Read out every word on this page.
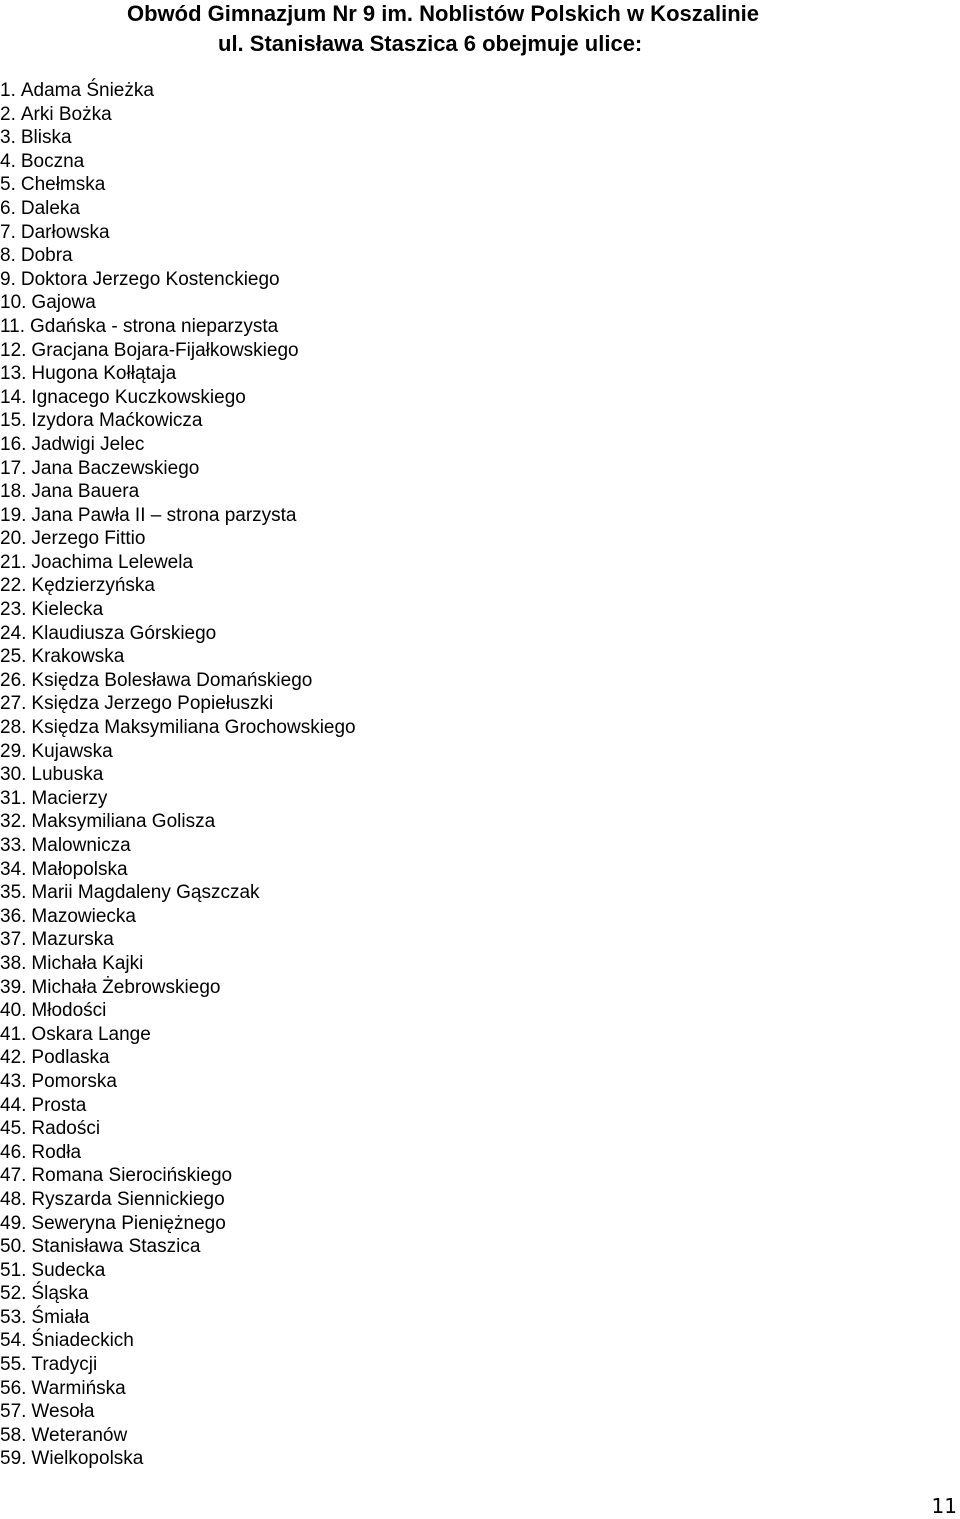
Obwód Gimnazjum Nr 9 im. Noblistów Polskich w Koszalinie
ul. Stanisława Staszica 6 obejmuje ulice:
1. Adama Śnieżka
2. Arki Bożka
3. Bliska
4. Boczna
5. Chełmska
6. Daleka
7. Darłowska
8. Dobra
9. Doktora Jerzego Kostenckiego
10. Gajowa
11. Gdańska - strona nieparzysta
12. Gracjana Bojara-Fijałkowskiego
13. Hugona Kołłątaja
14. Ignacego Kuczkowskiego
15. Izydora Maćkowicza
16. Jadwigi Jelec
17. Jana Baczewskiego
18. Jana Bauera
19. Jana Pawła II – strona parzysta
20. Jerzego Fittio
21. Joachima Lelewela
22. Kędzierzyńska
23. Kielecka
24. Klaudiusza Górskiego
25. Krakowska
26. Księdza Bolesława Domańskiego
27. Księdza Jerzego Popiełuszki
28. Księdza Maksymiliana Grochowskiego
29. Kujawska
30. Lubuska
31. Macierzy
32. Maksymiliana Golisza
33. Malownicza
34. Małopolska
35. Marii Magdaleny Gąszczak
36. Mazowiecka
37. Mazurska
38. Michała Kajki
39. Michała Żebrowskiego
40. Młodości
41. Oskara Lange
42. Podlaska
43. Pomorska
44. Prosta
45. Radości
46. Rodła
47. Romana Sierocińskiego
48. Ryszarda Siennickiego
49. Seweryna Pieniężnego
50. Stanisława Staszica
51. Sudecka
52. Śląska
53. Śmiała
54. Śniadeckich
55. Tradycji
56. Warmińska
57. Wesoła
58. Weteranów
59. Wielkopolska
11
